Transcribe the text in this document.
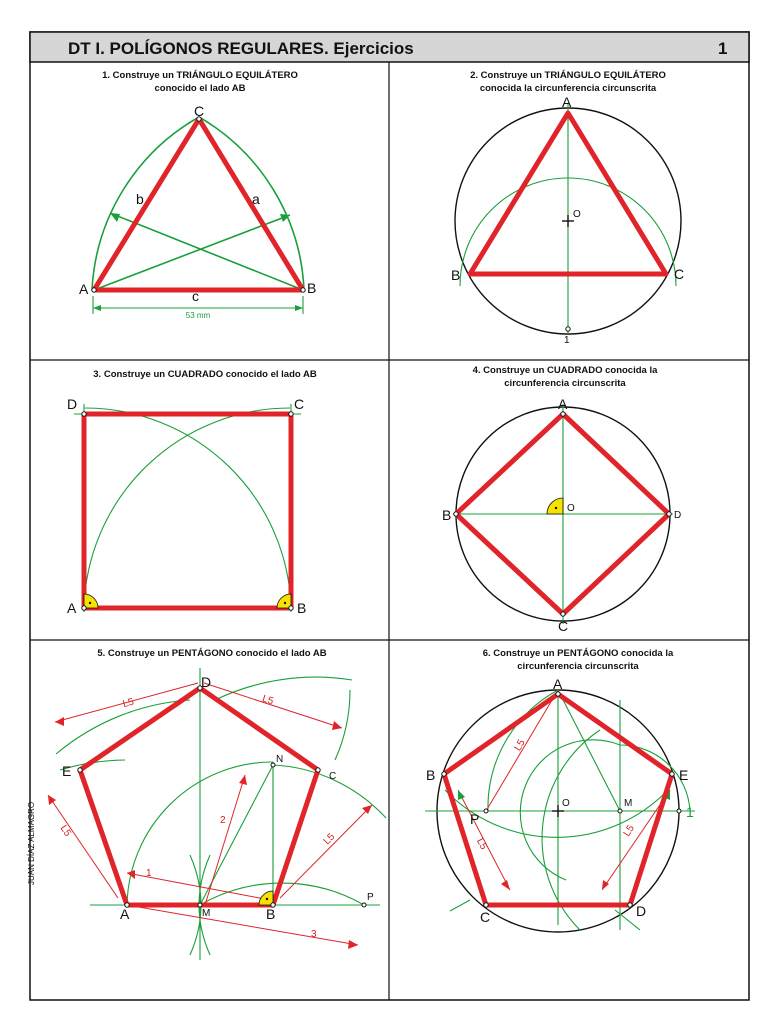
DT I. POLÍGONOS REGULARES. Ejercicios	1
JUAN DÍAZ ALMAGRO
1. Construye un TRIÁNGULO EQUILÁTERO
conocido el lado AB
53 mm
A	B
C
a
b
c
2. Construye un TRIÁNGULO EQUILÁTERO
conocida la circunferencia circunscrita
A
B	C
O
1
3. Construye un CUADRADO conocido el lado AB
A	B
C
D
4. Construye un CUADRADO conocida la
circunferencia circunscrita
A
B
C
D
O
5. Construye un PENTÁGONO conocido el lado AB
A	B
C
D
E
M
N
P
L5	L5
L5
L5
1
2
3
6. Construye un PENTÁGONO conocida la
circunferencia circunscrita
A
B
C	D
E
O	M
P	1
L5
L5
L5
